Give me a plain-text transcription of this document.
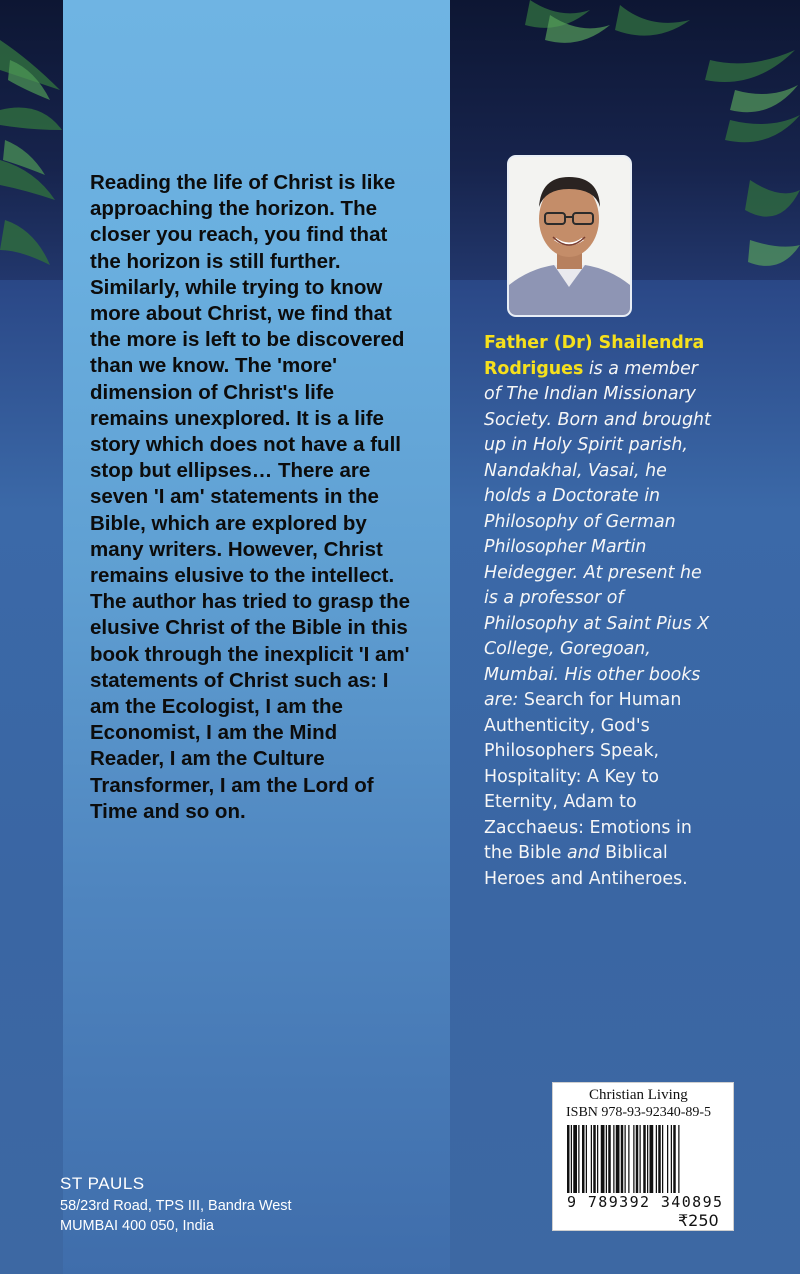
Reading the life of Christ is like
approaching the horizon. The
closer you reach, you find that
the horizon is still further.
Similarly, while trying to know
more about Christ, we find that
the more is left to be discovered
than we know. The 'more'
dimension of Christ's life
remains unexplored. It is a life
story which does not have a full
stop but ellipses… There are
seven 'I am' statements in the
Bible, which are explored by
many writers. However, Christ
remains elusive to the intellect.
The author has tried to grasp the
elusive Christ of the Bible in this
book through the inexplicit 'I am'
statements of Christ such as: I
am the Ecologist, I am the
Economist, I am the Mind
Reader, I am the Culture
Transformer, I am the Lord of
Time and so on.
Father (Dr) Shailendra
Rodrigues is a member
of The Indian Missionary
Society. Born and brought
up in Holy Spirit parish,
Nandakhal, Vasai, he
holds a Doctorate in
Philosophy of German
Philosopher Martin
Heidegger. At present he
is a professor of
Philosophy at Saint Pius X
College, Goregoan,
Mumbai. His other books
are: Search for Human
Authenticity, God's
Philosophers Speak,
Hospitality: A Key to
Eternity, Adam to
Zacchaeus: Emotions in
the Bible and Biblical
Heroes and Antiheroes.
ST PAULS
58/23rd Road, TPS III, Bandra West
MUMBAI 400 050, India
Christian Living
ISBN 978-93-92340-89-5
9 789392 340895
₹250
